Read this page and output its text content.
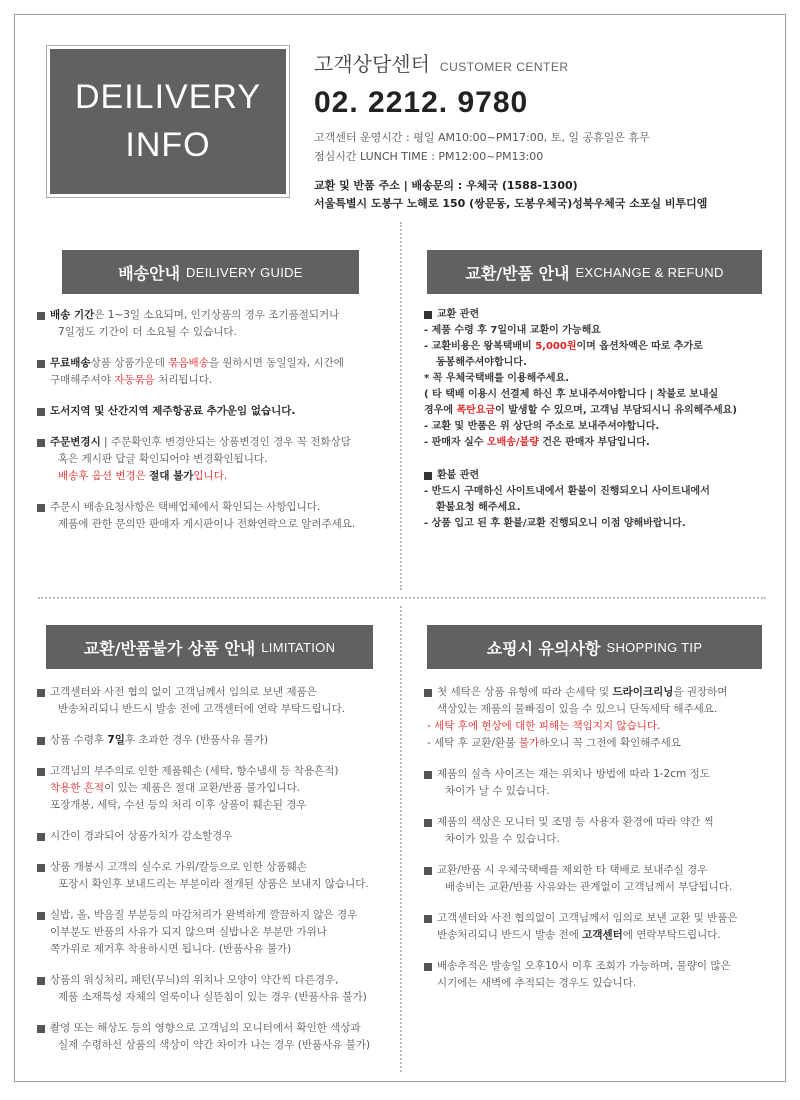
DEILIVERY
INFO
고객상담센터 CUSTOMER CENTER
02. 2212. 9780
고객센터 운영시간 : 평일 AM10:00~PM17:00, 토, 일 공휴일은 휴무
점심시간 LUNCH TIME : PM12:00~PM13:00
교환 및 반품 주소 | 배송문의 : 우체국 (1588-1300)
서울특별시 도봉구 노해로 150 (쌍문동, 도봉우체국)성북우체국 소포실 비투디엠
배송안내 DEILIVERY GUIDE	교환/반품 안내 EXCHANGE & REFUND
교환/반품불가 상품 안내 LIMITATION	쇼핑시 유의사항 SHOPPING TIP
배송 기간은 1~3일 소요되며, 인기상품의 경우 조기품절되거나
7일정도 기간이 더 소요될 수 있습니다.
무료배송상품 상품가운데 묶음배송을 원하시면 동일일자, 시간에
구매해주셔야 자동묶음 처리됩니다.
도서지역 및 산간지역 제주항공료 추가운임 없습니다.
주문변경시 | 주문확인후 변경안되는 상품변경인 경우 꼭 전화상담
혹은 게시판 답글 확인되어야 변경확인됩니다.
배송후 옵션 변경은 절대 불가입니다.
주문시 배송요청사항은 택배업체에서 확인되는 사항입니다.
제품에 관한 문의만 판매자 게시판이나 전화연락으로 알려주세요.
교환 관련
- 제품 수령 후 7일이내 교환이 가능해요
- 교환비용은 왕복택배비 5,000원이며 옵션차액은 따로 추가로
동봉해주셔야합니다.
* 꼭 우체국택배를 이용해주세요.
( 타 택배 이용시 선결제 하신 후 보내주셔야합니다 | 착불로 보내실
경우에 폭탄요금이 발생할 수 있으며, 고객님 부담되시니 유의해주세요)
- 교환 및 반품은 위 상단의 주소로 보내주셔야합니다.
- 판매자 실수 오배송/불량 건은 판매자 부담입니다.
환불 관련
- 반드시 구매하신 사이트내에서 환불이 진행되오니 사이트내에서
환불요청 해주세요.
- 상품 입고 된 후 환불/교환 진행되오니 이점 양해바랍니다.
고객센터와 사전 협의 없이 고객님께서 임의로 보낸 제품은
반송처리되니 반드시 발송 전에 고객센터에 연락 부탁드립니다.
상품 수령후 7일후 초과한 경우 (반품사유 불가)
고객님의 부주의로 인한 제품훼손 (세탁, 향수냄새 등 착용흔적)
착용한 흔적이 있는 제품은 절대 교환/반품 불가입니다.
포장개봉, 세탁, 수선 등의 처리 이후 상품이 훼손된 경우
시간이 경과되어 상품가치가 감소할경우
상품 개봉시 고객의 실수로 가위/칼등으로 인한 상품훼손
포장시 확인후 보내드리는 부분이라 절개된 상품은 보내지 않습니다.
실밥, 올, 박음질 부분등의 마감처리가 완벽하게 깔끔하지 않은 경우
이부분도 반품의 사유가 되지 않으며 실밥나온 부분만 가위나
쪽가위로 제거후 착용하시면 됩니다. (반품사유 불가)
상품의 워싱처리, 패턴(무늬)의 위치나 모양이 약간씩 다른경우,
제품 소재특성 자체의 얼룩이나 실뜯침이 있는 경우 (반품사유 불가)
촬영 또는 해상도 등의 영향으로 고객님의 모니터에서 확인한 색상과
실제 수령하신 상품의 색상이 약간 차이가 나는 경우 (반품사유 불가)
첫 세탁은 상품 유형에 따라 손세탁 및 드라이크리닝을 권장하며
색상있는 제품의 물빠짐이 있을 수 있으니 단독세탁 해주세요.
- 세탁 후에 현상에 대한 피해는 책임지지 않습니다.
- 세탁 후 교환/환불 불가하오니 꼭 그전에 확인해주세요
제품의 실측 사이즈는 재는 위치나 방법에 따라 1-2cm 정도
차이가 날 수 있습니다.
제품의 색상은 모니터 및 조명 등 사용자 환경에 따라 약간 씩
차이가 있을 수 있습니다.
교환/반품 시 우체국택배를 제외한 타 택배로 보내주실 경우
배송비는 교환/반품 사유와는 관계없이 고객님께서 부담됩니다.
고객센터와 사전 협의없이 고객님께서 임의로 보낸 교환 및 반품은
반송처리되니 반드시 발송 전에 고객센터에 연락부탁드립니다.
배송추적은 발송일 오후10시 이후 조회가 가능하며, 물량이 많은
시기에는 새벽에 추적되는 경우도 있습니다.
